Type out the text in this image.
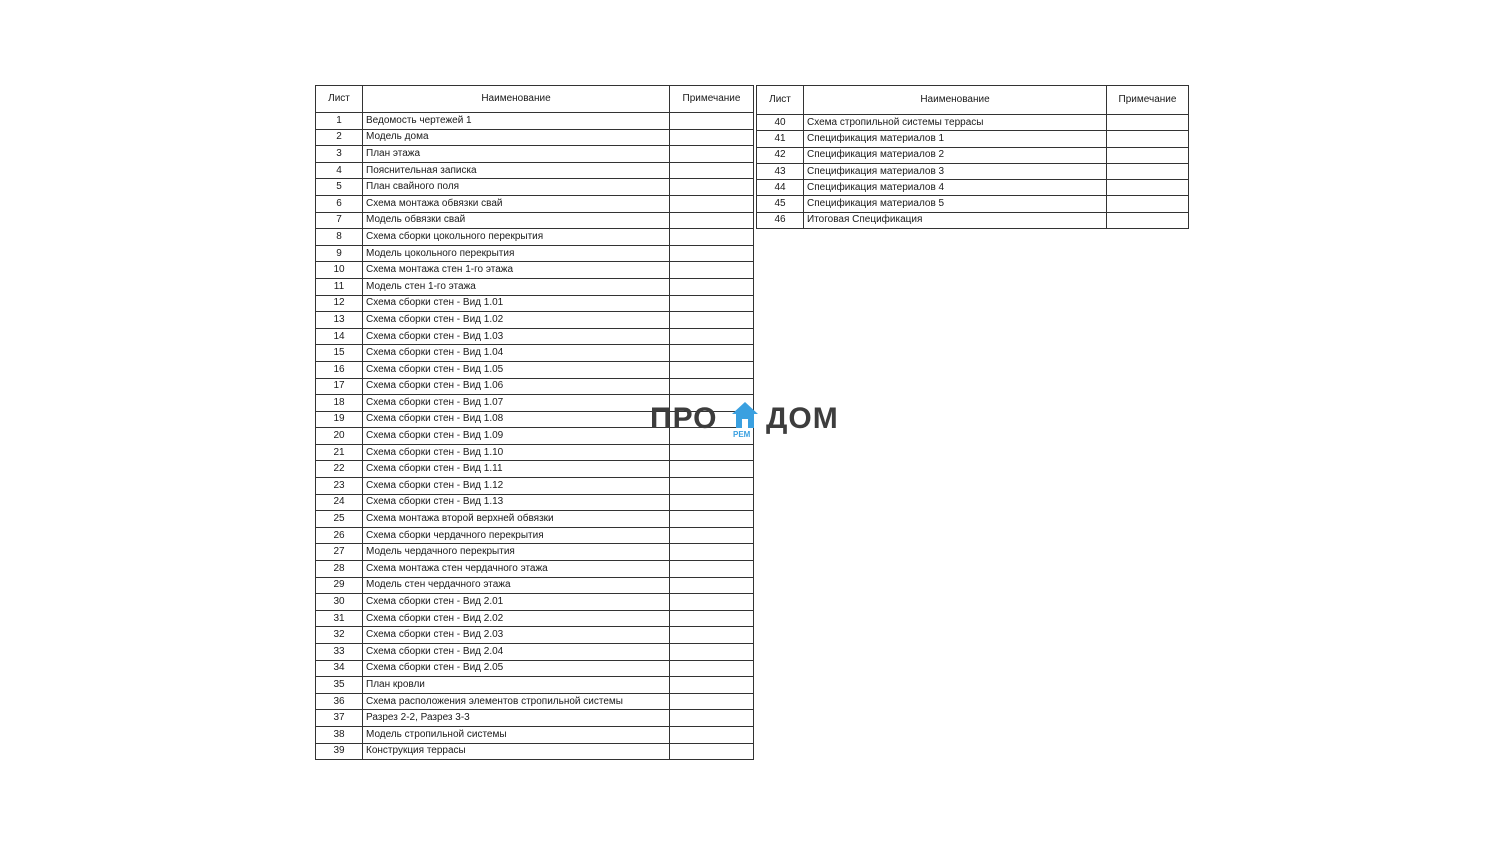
Лист	Наименование	Примечание
1	Ведомость чертежей 1	
2	Модель дома	
3	План этажа	
4	Пояснительная записка	
5	План свайного поля	
6	Схема монтажа обвязки свай	
7	Модель обвязки свай	
8	Схема сборки цокольного перекрытия	
9	Модель цокольного перекрытия	
10	Схема монтажа стен 1-го этажа	
11	Модель стен 1-го этажа	
12	Схема сборки стен - Вид 1.01	
13	Схема сборки стен - Вид 1.02	
14	Схема сборки стен - Вид 1.03	
15	Схема сборки стен - Вид 1.04	
16	Схема сборки стен - Вид 1.05	
17	Схема сборки стен - Вид 1.06	
18	Схема сборки стен - Вид 1.07	
19	Схема сборки стен - Вид 1.08	
20	Схема сборки стен - Вид 1.09	
21	Схема сборки стен - Вид 1.10	
22	Схема сборки стен - Вид 1.11	
23	Схема сборки стен - Вид 1.12	
24	Схема сборки стен - Вид 1.13	
25	Схема монтажа второй верхней обвязки	
26	Схема сборки чердачного перекрытия	
27	Модель чердачного перекрытия	
28	Схема монтажа стен чердачного этажа	
29	Модель стен чердачного этажа	
30	Схема сборки стен - Вид 2.01	
31	Схема сборки стен - Вид 2.02	
32	Схема сборки стен - Вид 2.03	
33	Схема сборки стен - Вид 2.04	
34	Схема сборки стен - Вид 2.05	
35	План кровли	
36	Схема расположения элементов стропильной системы	
37	Разрез 2-2, Разрез 3-3	
38	Модель стропильной системы	
39	Конструкция террасы	
Лист	Наименование	Примечание
40	Схема стропильной системы террасы	
41	Спецификация материалов 1	
42	Спецификация материалов 2	
43	Спецификация материалов 3	
44	Спецификация материалов 4	
45	Спецификация материалов 5	
46	Итоговая Спецификация	
ПРО ДОМ
РЕМ
